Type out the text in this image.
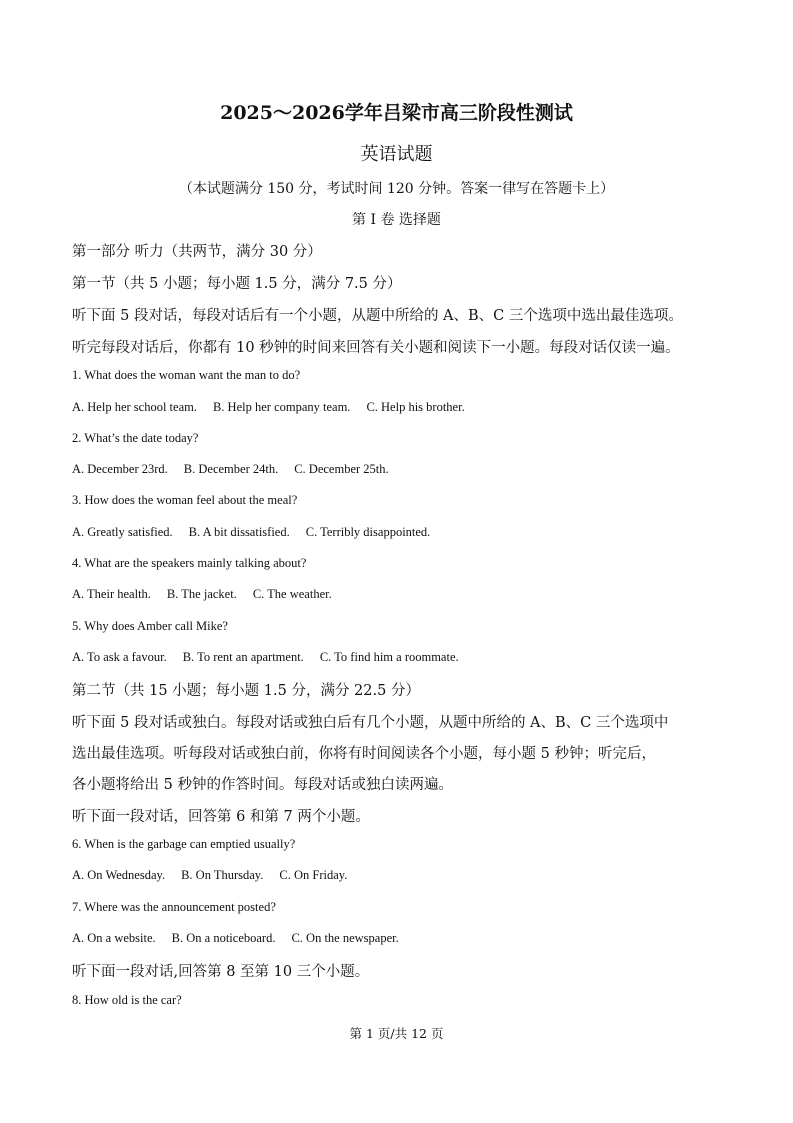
2025～2026学年吕梁市高三阶段性测试
英语试题
（本试题满分 150 分，考试时间 120 分钟。答案一律写在答题卡上）
第 I 卷 选择题
第一部分 听力（共两节，满分 30 分）
第一节（共 5 小题；每小题 1.5 分，满分 7.5 分）
听下面 5 段对话，每段对话后有一个小题，从题中所给的 A、B、C 三个选项中选出最佳选项。
听完每段对话后，你都有 10 秒钟的时间来回答有关小题和阅读下一小题。每段对话仅读一遍。
1. What does the woman want the man to do?
A. Help her school team. B. Help her company team. C. Help his brother.
2. What’s the date today?
A. December 23rd. B. December 24th. C. December 25th.
3. How does the woman feel about the meal?
A. Greatly satisfied. B. A bit dissatisfied. C. Terribly disappointed.
4. What are the speakers mainly talking about?
A. Their health. B. The jacket. C. The weather.
5. Why does Amber call Mike?
A. To ask a favour. B. To rent an apartment. C. To find him a roommate.
第二节（共 15 小题；每小题 1.5 分，满分 22.5 分）
听下面 5 段对话或独白。每段对话或独白后有几个小题，从题中所给的 A、B、C 三个选项中
选出最佳选项。听每段对话或独白前，你将有时间阅读各个小题，每小题 5 秒钟；听完后，
各小题将给出 5 秒钟的作答时间。每段对话或独白读两遍。
听下面一段对话，回答第 6 和第 7 两个小题。
6. When is the garbage can emptied usually?
A. On Wednesday. B. On Thursday. C. On Friday.
7. Where was the announcement posted?
A. On a website. B. On a noticeboard. C. On the newspaper.
听下面一段对话,回答第 8 至第 10 三个小题。
8. How old is the car?
第 1 页/共 12 页
